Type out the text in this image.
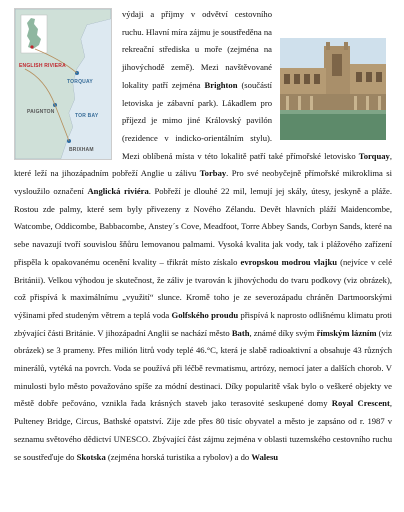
ENGLISH RIVIERA
TORQUAY
PAIGNTON
TOR BAY
BRIXHAM

výdaji a příjmy v odvětví cestovního ruchu. Hlavní míra zájmu je soustředěna na rekreační střediska u moře (zejména na jihovýchodě země). Mezi navštěvované lokality patří zejména Brighton (součástí letoviska je zábavní park). Lákadlem pro příjezd je mimo jiné Královský pavilón (rezidence v indicko-orientálním stylu). Mezi oblíbená místa v této lokalitě patří také přímořské letovisko Torquay, které leží na jihozápadním pobřeží Anglie u zálivu Torbay. Pro své neobyčejně přímořské mikroklima si vysloužilo označení Anglická riviéra. Pobřeží je dlouhé 22 mil, lemují jej skály, útesy, jeskyně a pláže. Rostou zde palmy, které sem byly přivezeny z Nového Zélandu. Devět hlavních pláží Maidencombe, Watcombe, Oddicombe, Babbacombe, Anstey´s Cove, Meadfoot, Torre Abbey Sands, Corbyn Sands, které na sebe navazují tvoří souvislou šňůru lemovanou palmami. Vysoká kvalita jak vody, tak i plážového zařízení přispěla k opakovanému ocenění kvality – třikrát místo získalo evropskou modrou vlajku (nejvíce v celé Británii). Velkou výhodou je skutečnost, že záliv je tvarován k jihovýchodu do tvaru podkovy (viz obrázek), což přispívá k maximálnímu „využití“ slunce. Kromě toho je ze severozápadu chráněn Dartmoorskými výšinami před studeným větrem a teplá voda Golfského proudu přispívá k naprosto odlišnému klimatu proti zbývající části Británie. V jihozápadní Anglii se nachází město Bath, známé díky svým římským lázním (viz obrázek) se 3 prameny. Přes milión litrů vody teplé 46.°C, která je slabě radioaktivní a obsahuje 43 různých minerálů, vytéká na povrch. Voda se používá při léčbě revmatismu, artrózy, nemocí jater a dalších chorob. V minulosti bylo město považováno spíše za módní destinaci. Díky popularitě však bylo o veškeré objekty ve městě dobře pečováno, vznikla řada krásných staveb jako terasovité seskupené domy Royal Crescent, Pulteney Bridge, Circus, Bathské opatství. Zije zde přes 80 tisíc obyvatel a město je zapsáno od r. 1987 v seznamu světového dědictví UNESCO. Zbývající část zájmu zejména v oblasti tuzemského cestovního ruchu se soustřeďuje do Skotska (zejména horská turistika a rybolov) a do Walesu
